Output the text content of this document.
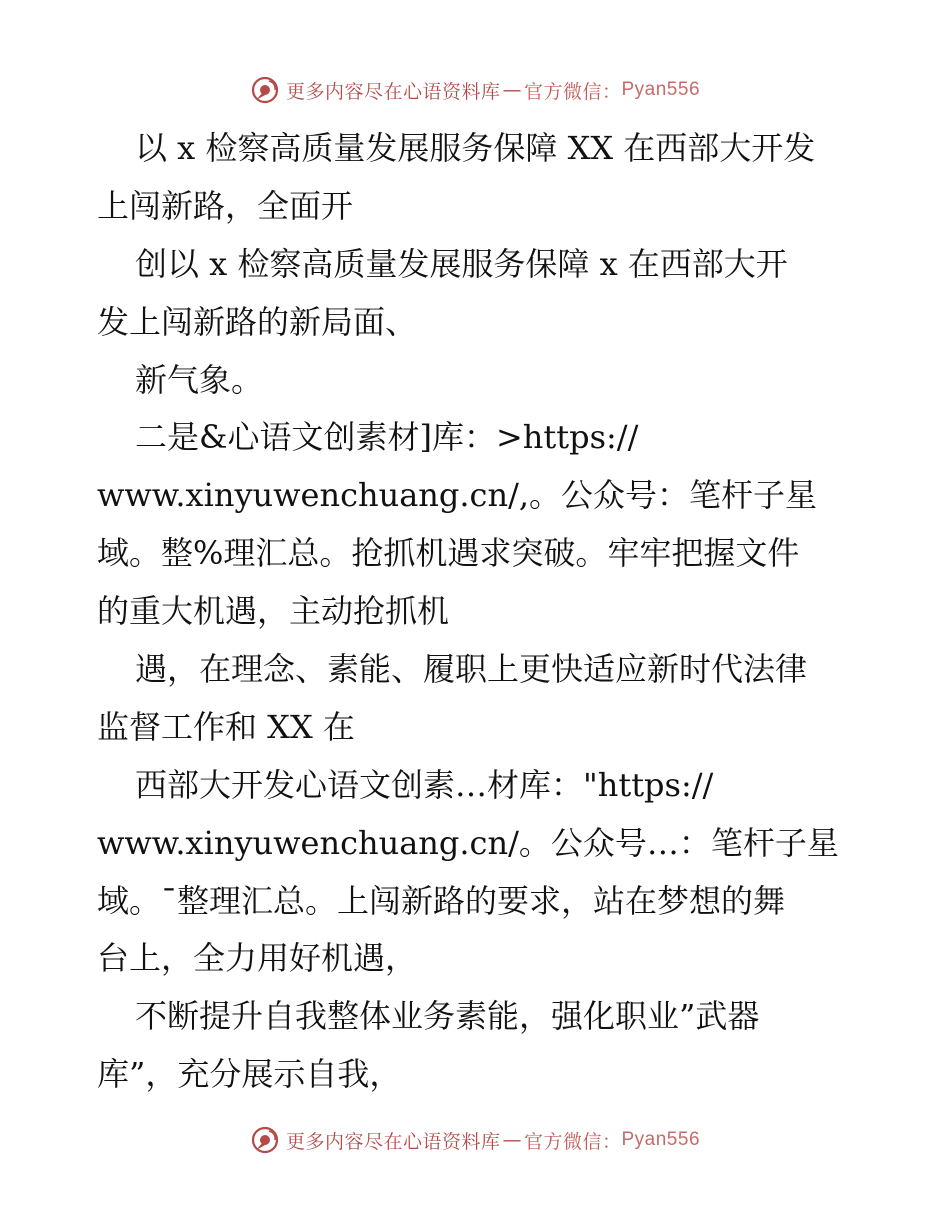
更多内容尽在心语资料库 — 官方微信： Pyan556
以 x 检察高质量发展服务保障 XX 在西部大开发
上闯新路，全面开
创以 x 检察高质量发展服务保障 x 在西部大开
发上闯新路的新局面、
新气象。
二是&心语文创素材]库：>https://
www.xinyuwenchuang.cn/,。公众号：笔杆子星
域。整%理汇总。抢抓机遇求突破。牢牢把握文件
的重大机遇，主动抢抓机
遇，在理念、素能、履职上更快适应新时代法律
监督工作和 XX 在
西部大开发心语文创素…材库："https://
www.xinyuwenchuang.cn/。公众号…：笔杆子星
域。¯整理汇总。上闯新路的要求，站在梦想的舞
台上，全力用好机遇，
不断提升自我整体业务素能，强化职业”武器
库”，充分展示自我，
更多内容尽在心语资料库 — 官方微信： Pyan556
